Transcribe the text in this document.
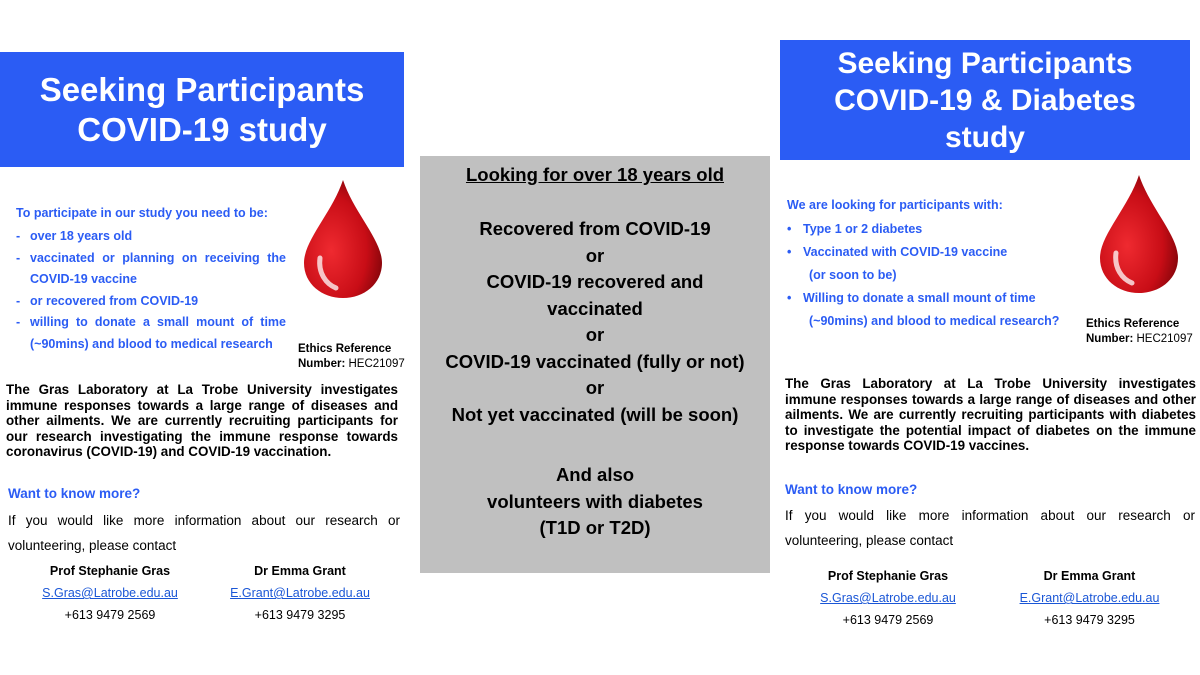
Seeking Participants
COVID-19 study
To participate in our study you need to be:
- over 18 years old
- vaccinated or planning on receiving the COVID-19 vaccine
- or recovered from COVID-19
- willing to donate a small mount of time (~90mins) and blood to medical research	Ethics Reference
Number: HEC21097
The Gras Laboratory at La Trobe University investigates immune responses towards a large range of diseases and other ailments. We are currently recruiting participants for our research investigating the immune response towards coronavirus (COVID-19) and COVID-19 vaccination.
Want to know more?
If you would like more information about our research or volunteering, please contact
Prof Stephanie Gras
S.Gras@Latrobe.edu.au
+613 9479 2569
Dr Emma Grant
E.Grant@Latrobe.edu.au
+613 9479 3295
Looking for over 18 years old
Recovered from COVID-19
or
COVID-19 recovered and
vaccinated
or
COVID-19 vaccinated (fully or not)
or
Not yet vaccinated (will be soon)
And also
volunteers with diabetes
(T1D or T2D)
Seeking Participants
COVID-19 & Diabetes
study
We are looking for participants with:
• Type 1 or 2 diabetes
• Vaccinated with COVID-19 vaccine
(or soon to be)
• Willing to donate a small mount of time
(~90mins) and blood to medical research?	Ethics Reference
Number: HEC21097
The Gras Laboratory at La Trobe University investigates immune responses towards a large range of diseases and other ailments. We are currently recruiting participants with diabetes to investigate the potential impact of diabetes on the immune response towards COVID-19 vaccines.
Want to know more?
If you would like more information about our research or volunteering, please contact
Prof Stephanie Gras
S.Gras@Latrobe.edu.au
+613 9479 2569
Dr Emma Grant
E.Grant@Latrobe.edu.au
+613 9479 3295
